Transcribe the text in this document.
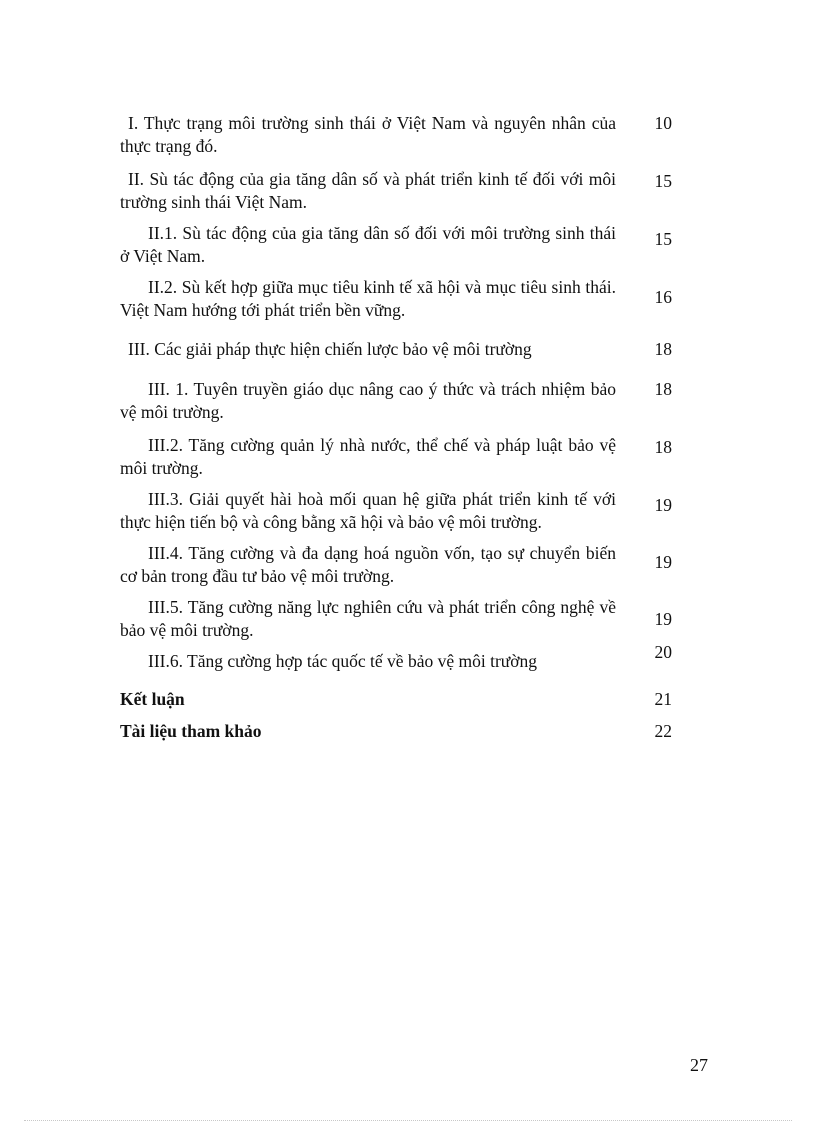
I. Thực trạng môi trường sinh thái ở Việt Nam và nguyên nhân của thực trạng đó.
10
II. Sù tác động của gia tăng dân số và phát triển kinh tế đối với môi trường sinh thái Việt Nam.
15
II.1. Sù tác động của gia tăng dân số đối với môi trường sinh thái ở Việt Nam.
15
II.2. Sù kết hợp giữa mục tiêu kinh tế xã hội và mục tiêu sinh thái. Việt Nam hướng tới phát triển bền vững.
16
III. Các giải pháp thực hiện chiến lược bảo vệ môi trường	18
III. 1. Tuyên truyền giáo dục nâng cao ý thức và trách nhiệm bảo vệ môi trường.
18
III.2. Tăng cường quản lý nhà nước, thể chế và pháp luật bảo vệ môi trường.
18
III.3. Giải quyết hài hoà mối quan hệ giữa phát triển kinh tế với thực hiện tiến bộ và công bằng xã hội và bảo vệ môi trường.
19
III.4. Tăng cường và đa dạng hoá nguồn vốn, tạo sự chuyển biến cơ bản trong đầu tư bảo vệ môi trường.
19
III.5. Tăng cường năng lực nghiên cứu và phát triển công nghệ về bảo vệ môi trường.
19
III.6. Tăng cường hợp tác quốc tế về bảo vệ môi trường	20
Kết luận	21
Tài liệu tham khảo	22
27
